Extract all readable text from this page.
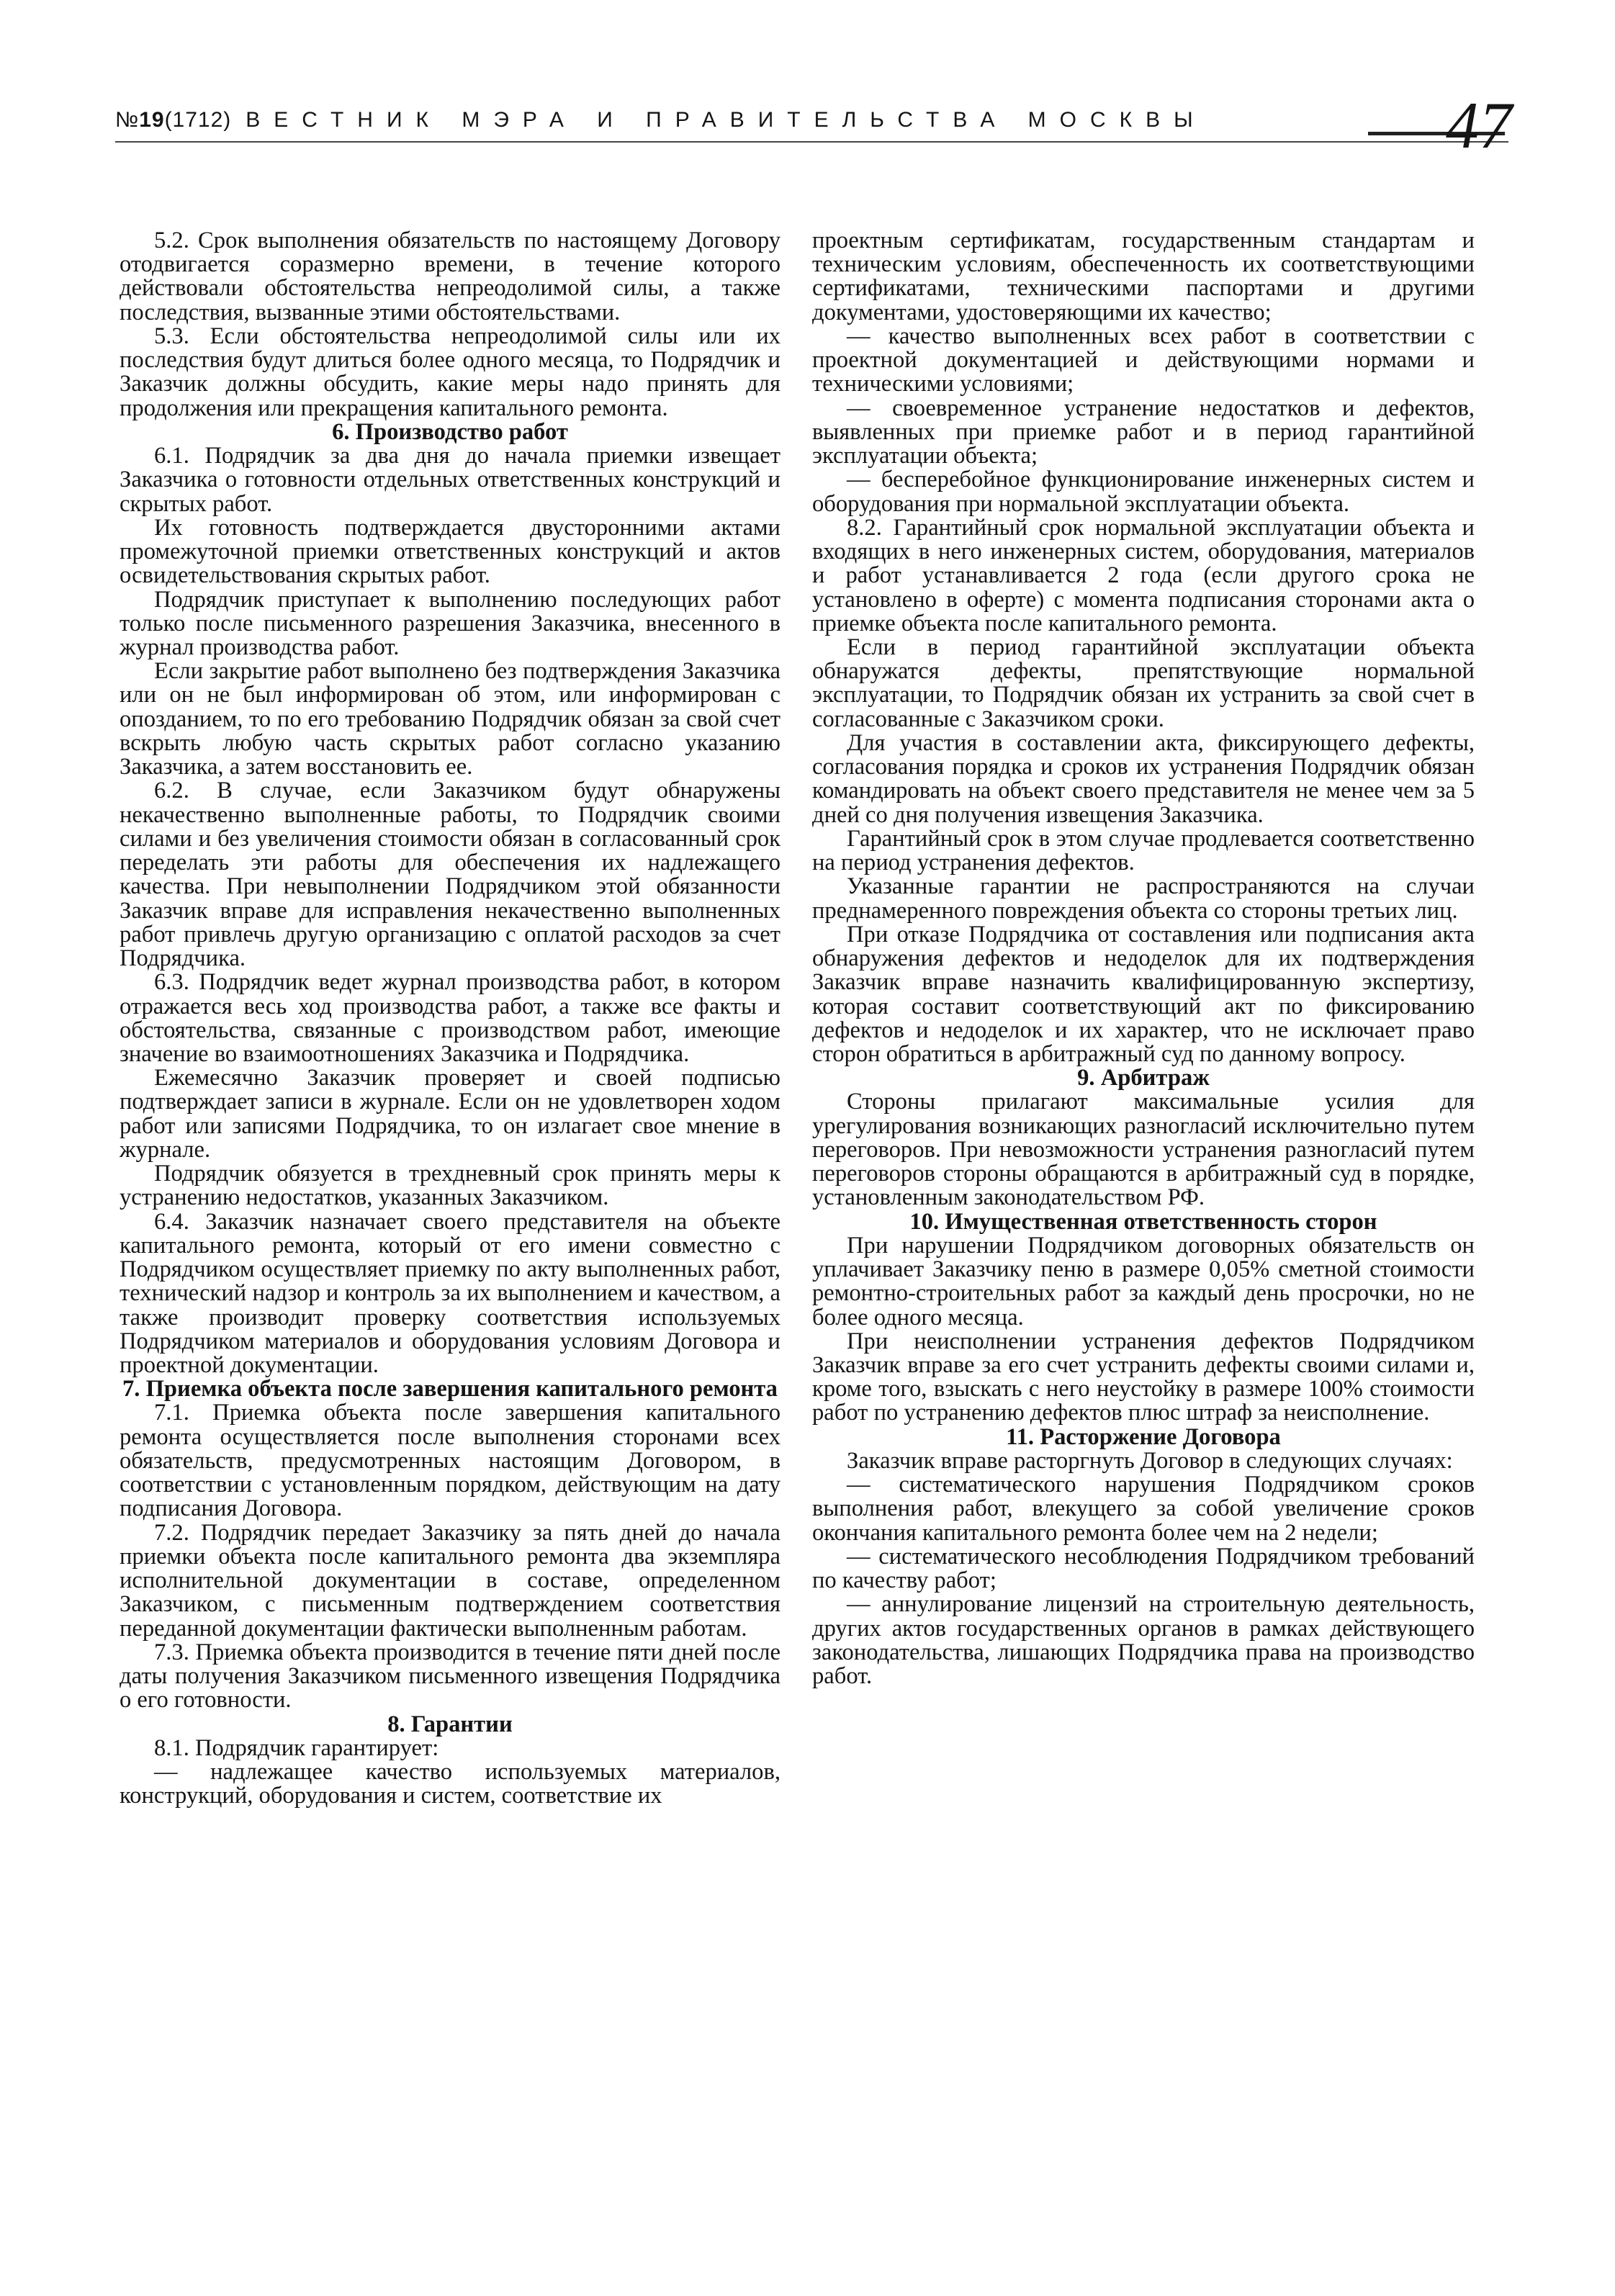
№19(1712) ВЕСТНИК МЭРА И ПРАВИТЕЛЬСТВА МОСКВЫ	47

5.2. Срок выполнения обязательств по настоящему Договору отодвигается соразмерно времени, в течение которого действовали обстоятельства непреодолимой силы, а также последствия, вызванные этими обстоятельствами.

5.3. Если обстоятельства непреодолимой силы или их последствия будут длиться более одного месяца, то Подрядчик и Заказчик должны обсудить, какие меры надо принять для продолжения или прекращения капитального ремонта.

6. Производство работ

6.1. Подрядчик за два дня до начала приемки извещает Заказчика о готовности отдельных ответственных конструкций и скрытых работ.

Их готовность подтверждается двусторонними актами промежуточной приемки ответственных конструкций и актов освидетельствования скрытых работ.

Подрядчик приступает к выполнению последующих работ только после письменного разрешения Заказчика, внесенного в журнал производства работ.

Если закрытие работ выполнено без подтверждения Заказчика или он не был информирован об этом, или информирован с опозданием, то по его требованию Подрядчик обязан за свой счет вскрыть любую часть скрытых работ согласно указанию Заказчика, а затем восстановить ее.

6.2. В случае, если Заказчиком будут обнаружены некачественно выполненные работы, то Подрядчик своими силами и без увеличения стоимости обязан в согласованный срок переделать эти работы для обеспечения их надлежащего качества. При невыполнении Подрядчиком этой обязанности Заказчик вправе для исправления некачественно выполненных работ привлечь другую организацию с оплатой расходов за счет Подрядчика.

6.3. Подрядчик ведет журнал производства работ, в котором отражается весь ход производства работ, а также все факты и обстоятельства, связанные с производством работ, имеющие значение во взаимоотношениях Заказчика и Подрядчика.

Ежемесячно Заказчик проверяет и своей подписью подтверждает записи в журнале. Если он не удовлетворен ходом работ или записями Подрядчика, то он излагает свое мнение в журнале.

Подрядчик обязуется в трехдневный срок принять меры к устранению недостатков, указанных Заказчиком.

6.4. Заказчик назначает своего представителя на объекте капитального ремонта, который от его имени совместно с Подрядчиком осуществляет приемку по акту выполненных работ, технический надзор и контроль за их выполнением и качеством, а также производит проверку соответствия используемых Подрядчиком материалов и оборудования условиям Договора и проектной документации.

7. Приемка объекта после завершения капитального ремонта

7.1. Приемка объекта после завершения капитального ремонта осуществляется после выполнения сторонами всех обязательств, предусмотренных настоящим Договором, в соответствии с установленным порядком, действующим на дату подписания Договора.

7.2. Подрядчик передает Заказчику за пять дней до начала приемки объекта после капитального ремонта два экземпляра исполнительной документации в составе, определенном Заказчиком, с письменным подтверждением соответствия переданной документации фактически выполненным работам.

7.3. Приемка объекта производится в течение пяти дней после даты получения Заказчиком письменного извещения Подрядчика о его готовности.

8. Гарантии

8.1. Подрядчик гарантирует:

— надлежащее качество используемых материалов, конструкций, оборудования и систем, соответствие их

проектным сертификатам, государственным стандартам и техническим условиям, обеспеченность их соответствующими сертификатами, техническими паспортами и другими документами, удостоверяющими их качество;

— качество выполненных всех работ в соответствии с проектной документацией и действующими нормами и техническими условиями;

— своевременное устранение недостатков и дефектов, выявленных при приемке работ и в период гарантийной эксплуатации объекта;

— бесперебойное функционирование инженерных систем и оборудования при нормальной эксплуатации объекта.

8.2. Гарантийный срок нормальной эксплуатации объекта и входящих в него инженерных систем, оборудования, материалов и работ устанавливается 2 года (если другого срока не установлено в оферте) с момента подписания сторонами акта о приемке объекта после капитального ремонта.

Если в период гарантийной эксплуатации объекта обнаружатся дефекты, препятствующие нормальной эксплуатации, то Подрядчик обязан их устранить за свой счет в согласованные с Заказчиком сроки.

Для участия в составлении акта, фиксирующего дефекты, согласования порядка и сроков их устранения Подрядчик обязан командировать на объект своего представителя не менее чем за 5 дней со дня получения извещения Заказчика.

Гарантийный срок в этом случае продлевается соответственно на период устранения дефектов.

Указанные гарантии не распространяются на случаи преднамеренного повреждения объекта со стороны третьих лиц.

При отказе Подрядчика от составления или подписания акта обнаружения дефектов и недоделок для их подтверждения Заказчик вправе назначить квалифицированную экспертизу, которая составит соответствующий акт по фиксированию дефектов и недоделок и их характер, что не исключает право сторон обратиться в арбитражный суд по данному вопросу.

9. Арбитраж

Стороны прилагают максимальные усилия для урегулирования возникающих разногласий исключительно путем переговоров. При невозможности устранения разногласий путем переговоров стороны обращаются в арбитражный суд в порядке, установленным законодательством РФ.

10. Имущественная ответственность сторон

При нарушении Подрядчиком договорных обязательств он уплачивает Заказчику пеню в размере 0,05% сметной стоимости ремонтно-строительных работ за каждый день просрочки, но не более одного месяца.

При неисполнении устранения дефектов Подрядчиком Заказчик вправе за его счет устранить дефекты своими силами и, кроме того, взыскать с него неустойку в размере 100% стоимости работ по устранению дефектов плюс штраф за неисполнение.

11. Расторжение Договора

Заказчик вправе расторгнуть Договор в следующих случаях:

— систематического нарушения Подрядчиком сроков выполнения работ, влекущего за собой увеличение сроков окончания капитального ремонта более чем на 2 недели;

— систематического несоблюдения Подрядчиком требований по качеству работ;

— аннулирование лицензий на строительную деятельность, других актов государственных органов в рамках действующего законодательства, лишающих Подрядчика права на производство работ.
